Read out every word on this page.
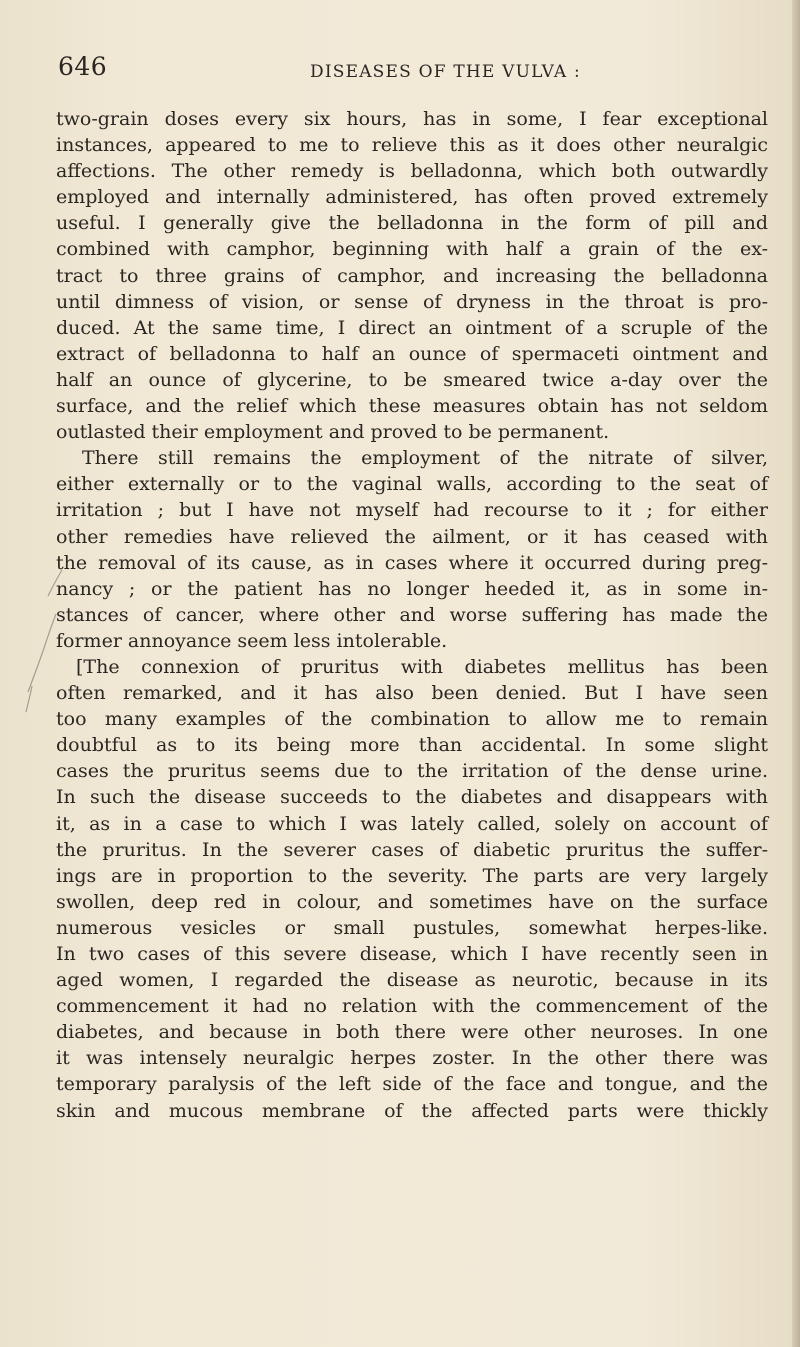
646	DISEASES OF THE VULVA :
two-grain doses every six hours, has in some, I fear exceptional
instances, appeared to me to relieve this as it does other neuralgic
affections. The other remedy is belladonna, which both outwardly
employed and internally administered, has often proved extremely
useful. I generally give the belladonna in the form of pill and
combined with camphor, beginning with half a grain of the ex-
tract to three grains of camphor, and increasing the belladonna
until dimness of vision, or sense of dryness in the throat is pro-
duced. At the same time, I direct an ointment of a scruple of the
extract of belladonna to half an ounce of spermaceti ointment and
half an ounce of glycerine, to be smeared twice a-day over the
surface, and the relief which these measures obtain has not seldom
outlasted their employment and proved to be permanent.
There still remains the employment of the nitrate of silver,
either externally or to the vaginal walls, according to the seat of
irritation ; but I have not myself had recourse to it ; for either
other remedies have relieved the ailment, or it has ceased with
the removal of its cause, as in cases where it occurred during preg-
nancy ; or the patient has no longer heeded it, as in some in-
stances of cancer, where other and worse suffering has made the
former annoyance seem less intolerable.
[The connexion of pruritus with diabetes mellitus has been
often remarked, and it has also been denied. But I have seen
too many examples of the combination to allow me to remain
doubtful as to its being more than accidental. In some slight
cases the pruritus seems due to the irritation of the dense urine.
In such the disease succeeds to the diabetes and disappears with
it, as in a case to which I was lately called, solely on account of
the pruritus. In the severer cases of diabetic pruritus the suffer-
ings are in proportion to the severity. The parts are very largely
swollen, deep red in colour, and sometimes have on the surface
numerous vesicles or small pustules, somewhat herpes-like.
In two cases of this severe disease, which I have recently seen in
aged women, I regarded the disease as neurotic, because in its
commencement it had no relation with the commencement of the
diabetes, and because in both there were other neuroses. In one
it was intensely neuralgic herpes zoster. In the other there was
temporary paralysis of the left side of the face and tongue, and the
skin and mucous membrane of the affected parts were thickly
